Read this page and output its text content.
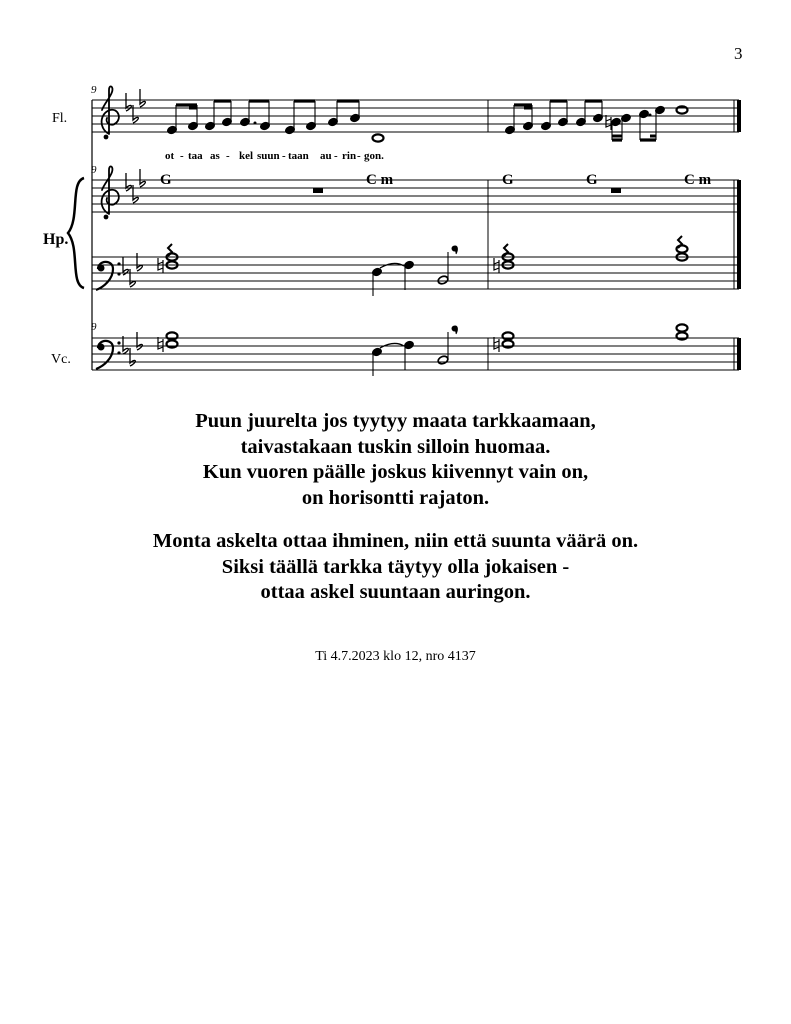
3
Fl.
Hp.
Vc.
9
9
9
ot - taa as - kel suun - taan au - rin - gon.
G	C m	G	G	C m
Puun juurelta jos tyytyy maata tarkkaamaan,
taivastakaan tuskin silloin huomaa.
Kun vuoren päälle joskus kiivennyt vain on,
on horisontti rajaton.
Monta askelta ottaa ihminen, niin että suunta väärä on.
Siksi täällä tarkka täytyy olla jokaisen -
ottaa askel suuntaan auringon.
Ti 4.7.2023 klo 12, nro 4137
